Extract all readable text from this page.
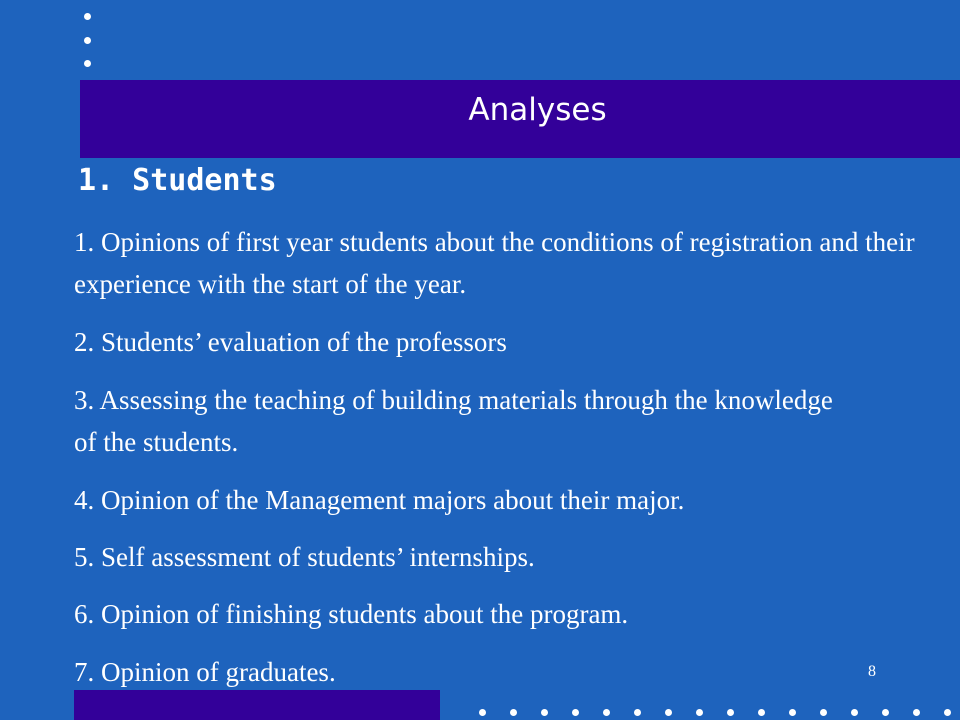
Analyses
1. Students
1. Opinions of first year students about the conditions of registration and their experience with the start of the year.
2. Students’ evaluation of the professors
3. Assessing the teaching of building materials through the knowledge of the students.
4. Opinion of the Management majors about their major.
5. Self assessment of students’ internships.
6. Opinion of finishing students about the program.
7. Opinion of graduates.	8
